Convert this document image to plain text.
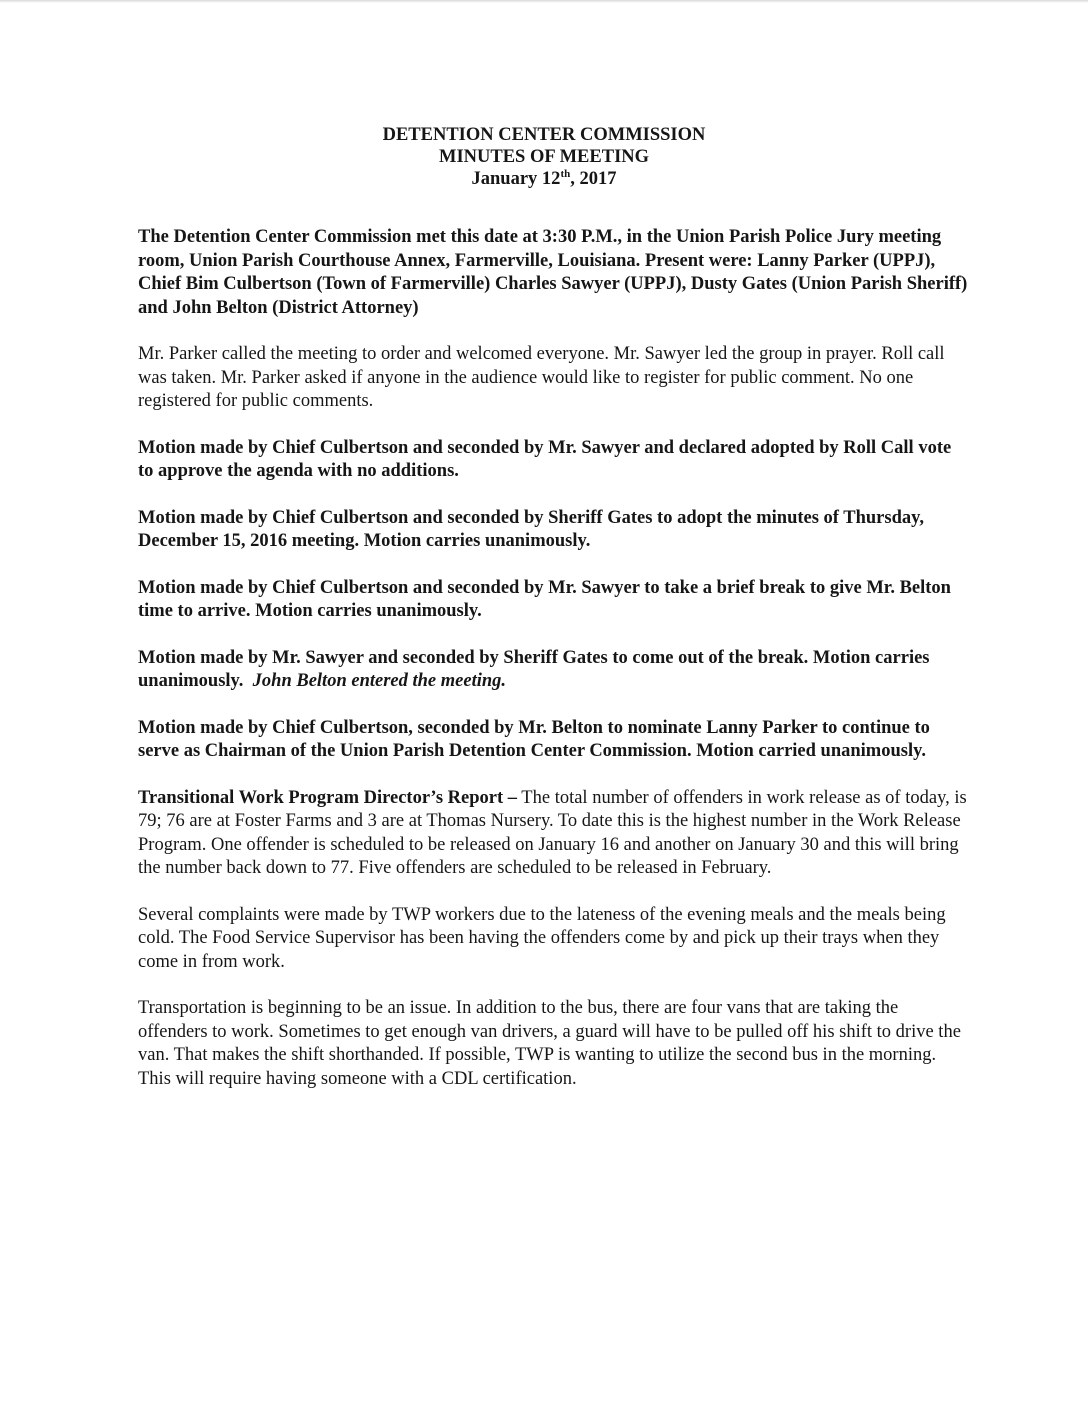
DETENTION CENTER COMMISSION
MINUTES OF MEETING
January 12th, 2017

The Detention Center Commission met this date at 3:30 P.M., in the Union Parish Police Jury meeting room, Union Parish Courthouse Annex, Farmerville, Louisiana. Present were: Lanny Parker (UPPJ), Chief Bim Culbertson (Town of Farmerville) Charles Sawyer (UPPJ), Dusty Gates (Union Parish Sheriff) and John Belton (District Attorney)

Mr. Parker called the meeting to order and welcomed everyone. Mr. Sawyer led the group in prayer. Roll call was taken. Mr. Parker asked if anyone in the audience would like to register for public comment. No one registered for public comments.

Motion made by Chief Culbertson and seconded by Mr. Sawyer and declared adopted by Roll Call vote to approve the agenda with no additions.

Motion made by Chief Culbertson and seconded by Sheriff Gates to adopt the minutes of Thursday, December 15, 2016 meeting. Motion carries unanimously.

Motion made by Chief Culbertson and seconded by Mr. Sawyer to take a brief break to give Mr. Belton time to arrive. Motion carries unanimously.

Motion made by Mr. Sawyer and seconded by Sheriff Gates to come out of the break. Motion carries unanimously. John Belton entered the meeting.

Motion made by Chief Culbertson, seconded by Mr. Belton to nominate Lanny Parker to continue to serve as Chairman of the Union Parish Detention Center Commission. Motion carried unanimously.

Transitional Work Program Director’s Report – The total number of offenders in work release as of today, is 79; 76 are at Foster Farms and 3 are at Thomas Nursery. To date this is the highest number in the Work Release Program. One offender is scheduled to be released on January 16 and another on January 30 and this will bring the number back down to 77. Five offenders are scheduled to be released in February.

Several complaints were made by TWP workers due to the lateness of the evening meals and the meals being cold. The Food Service Supervisor has been having the offenders come by and pick up their trays when they come in from work.

Transportation is beginning to be an issue. In addition to the bus, there are four vans that are taking the offenders to work. Sometimes to get enough van drivers, a guard will have to be pulled off his shift to drive the van. That makes the shift shorthanded. If possible, TWP is wanting to utilize the second bus in the morning. This will require having someone with a CDL certification.
